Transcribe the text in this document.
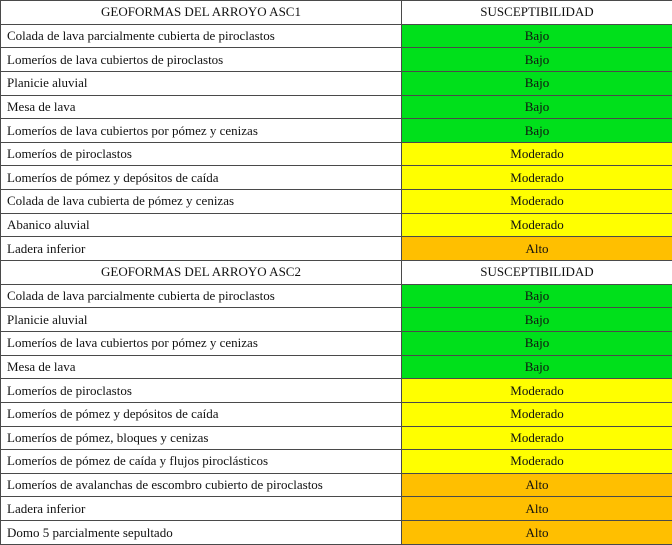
GEOFORMAS DEL ARROYO ASC1	SUSCEPTIBILIDAD
Colada de lava parcialmente cubierta de piroclastos	Bajo
Lomeríos de lava cubiertos de piroclastos	Bajo
Planicie aluvial	Bajo
Mesa de lava	Bajo
Lomeríos de lava cubiertos por pómez y cenizas	Bajo
Lomeríos de piroclastos	Moderado
Lomeríos de pómez y depósitos de caída	Moderado
Colada de lava cubierta de pómez y cenizas	Moderado
Abanico aluvial	Moderado
Ladera inferior	Alto
GEOFORMAS DEL ARROYO ASC2	SUSCEPTIBILIDAD
Colada de lava parcialmente cubierta de piroclastos	Bajo
Planicie aluvial	Bajo
Lomeríos de lava cubiertos por pómez y cenizas	Bajo
Mesa de lava	Bajo
Lomeríos de piroclastos	Moderado
Lomeríos de pómez y depósitos de caída	Moderado
Lomeríos de pómez, bloques y cenizas	Moderado
Lomeríos de pómez de caída y flujos piroclásticos	Moderado
Lomeríos de avalanchas de escombro cubierto de piroclastos	Alto
Ladera inferior	Alto
Domo 5 parcialmente sepultado	Alto
